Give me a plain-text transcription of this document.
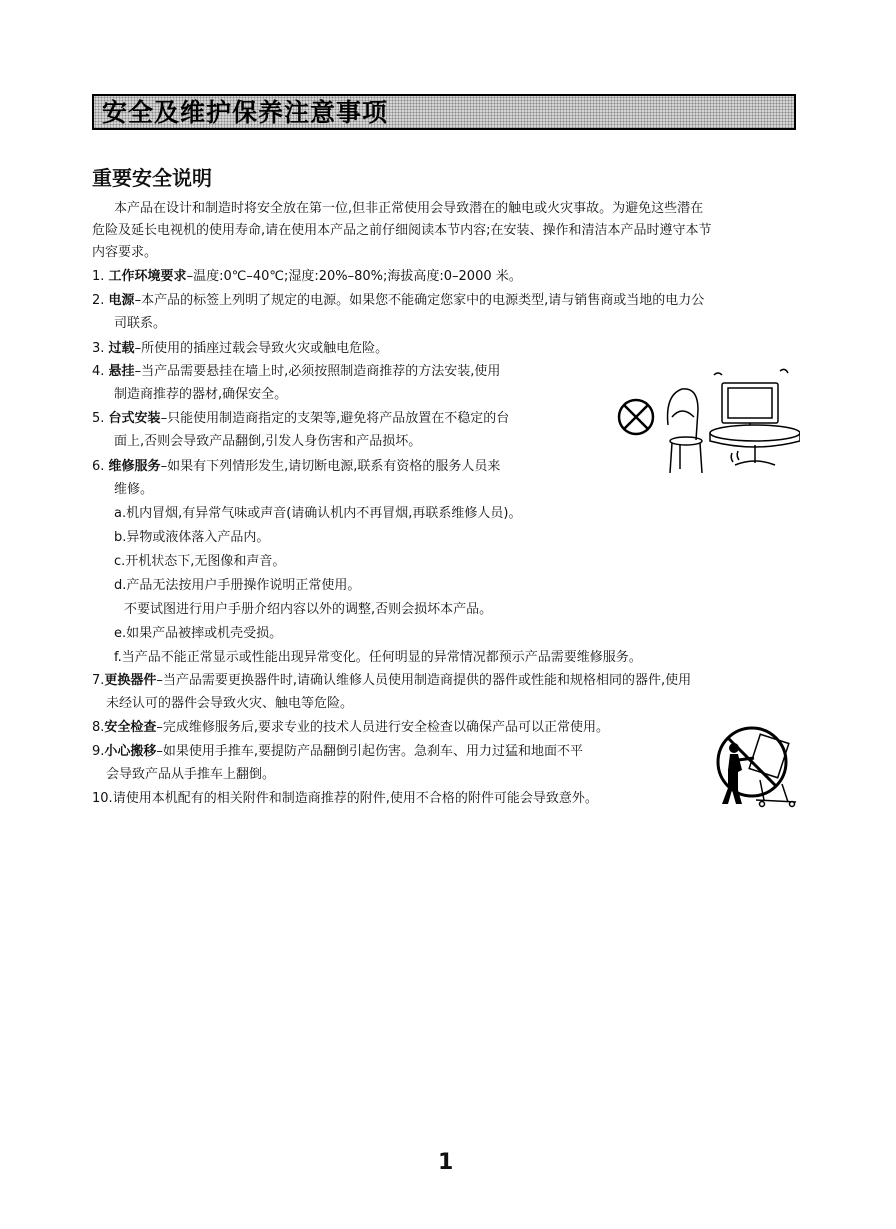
安全及维护保养注意事项
重要安全说明
本产品在设计和制造时将安全放在第一位,但非正常使用会导致潜在的触电或火灾事故。为避免这些潜在
危险及延长电视机的使用寿命,请在使用本产品之前仔细阅读本节内容;在安装、操作和清洁本产品时遵守本节
内容要求。
1. 工作环境要求–温度:0℃–40℃;湿度:20%–80%;海拔高度:0–2000 米。
2. 电源–本产品的标签上列明了规定的电源。如果您不能确定您家中的电源类型,请与销售商或当地的电力公
司联系。
3. 过载–所使用的插座过载会导致火灾或触电危险。
4. 悬挂–当产品需要悬挂在墙上时,必须按照制造商推荐的方法安装,使用
制造商推荐的器材,确保安全。
5. 台式安装–只能使用制造商指定的支架等,避免将产品放置在不稳定的台
面上,否则会导致产品翻倒,引发人身伤害和产品损坏。
6. 维修服务–如果有下列情形发生,请切断电源,联系有资格的服务人员来
维修。
a.机内冒烟,有异常气味或声音(请确认机内不再冒烟,再联系维修人员)。
b.异物或液体落入产品内。
c.开机状态下,无图像和声音。
d.产品无法按用户手册操作说明正常使用。
不要试图进行用户手册介绍内容以外的调整,否则会损坏本产品。
e.如果产品被摔或机壳受损。
f.当产品不能正常显示或性能出现异常变化。任何明显的异常情况都预示产品需要维修服务。
7.更换器件–当产品需要更换器件时,请确认维修人员使用制造商提供的器件或性能和规格相同的器件,使用
未经认可的器件会导致火灾、触电等危险。
8.安全检查–完成维修服务后,要求专业的技术人员进行安全检查以确保产品可以正常使用。
9.小心搬移–如果使用手推车,要提防产品翻倒引起伤害。急刹车、用力过猛和地面不平
会导致产品从手推车上翻倒。
10.请使用本机配有的相关附件和制造商推荐的附件,使用不合格的附件可能会导致意外。
1
